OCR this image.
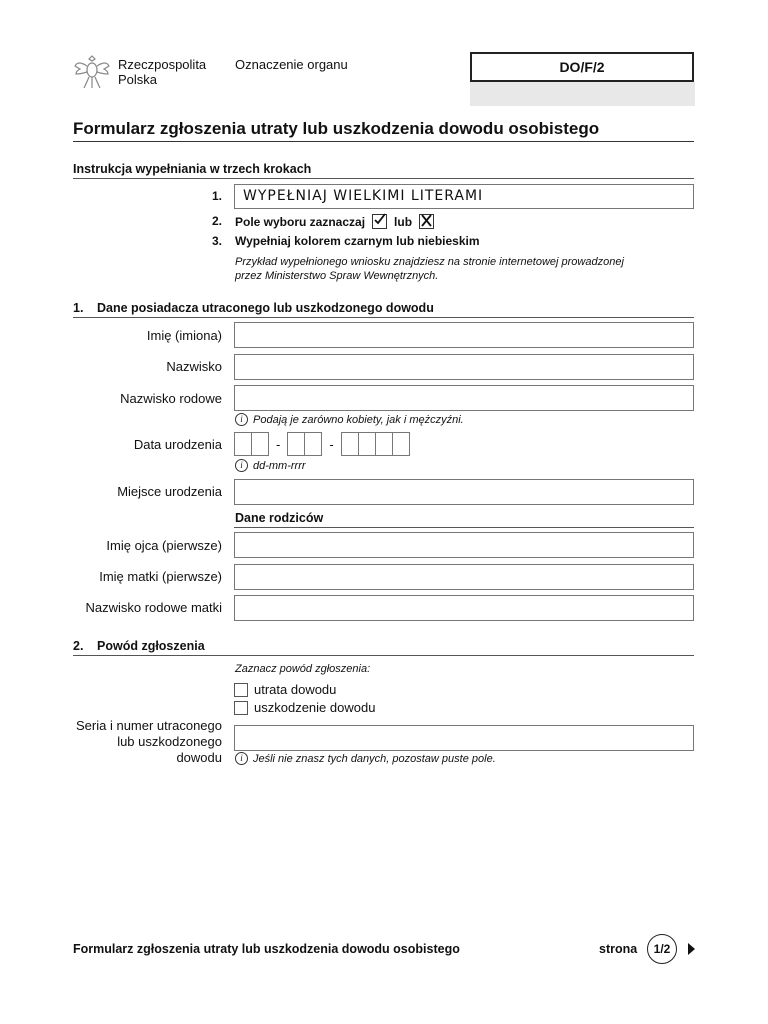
Rzeczpospolita
Polska
Oznaczenie organu	DO/F/2
Formularz zgłoszenia utraty lub uszkodzenia dowodu osobistego
Instrukcja wypełniania w trzech krokach
1.	WYPEŁNIAJ WIELKIMI LITERAMI
2. Pole wyboru zaznaczaj lub
3. Wypełniaj kolorem czarnym lub niebieskim
Przykład wypełnionego wniosku znajdziesz na stronie internetowej prowadzonej
przez Ministerstwo Spraw Wewnętrznych.
1. Dane posiadacza utraconego lub uszkodzonego dowodu
Imię (imiona)
Nazwisko
Nazwisko rodowe
i Podają je zarówno kobiety, jak i mężczyźni.
Data urodzenia	-	-
i dd-mm-rrrr
Miejsce urodzenia
Dane rodziców
Imię ojca (pierwsze)
Imię matki (pierwsze)
Nazwisko rodowe matki
2. Powód zgłoszenia
Zaznacz powód zgłoszenia:
utrata dowodu
uszkodzenie dowodu
Seria i numer utraconego
lub uszkodzonego
dowodu	i Jeśli nie znasz tych danych, pozostaw puste pole.
Formularz zgłoszenia utraty lub uszkodzenia dowodu osobistego	strona	1/2
